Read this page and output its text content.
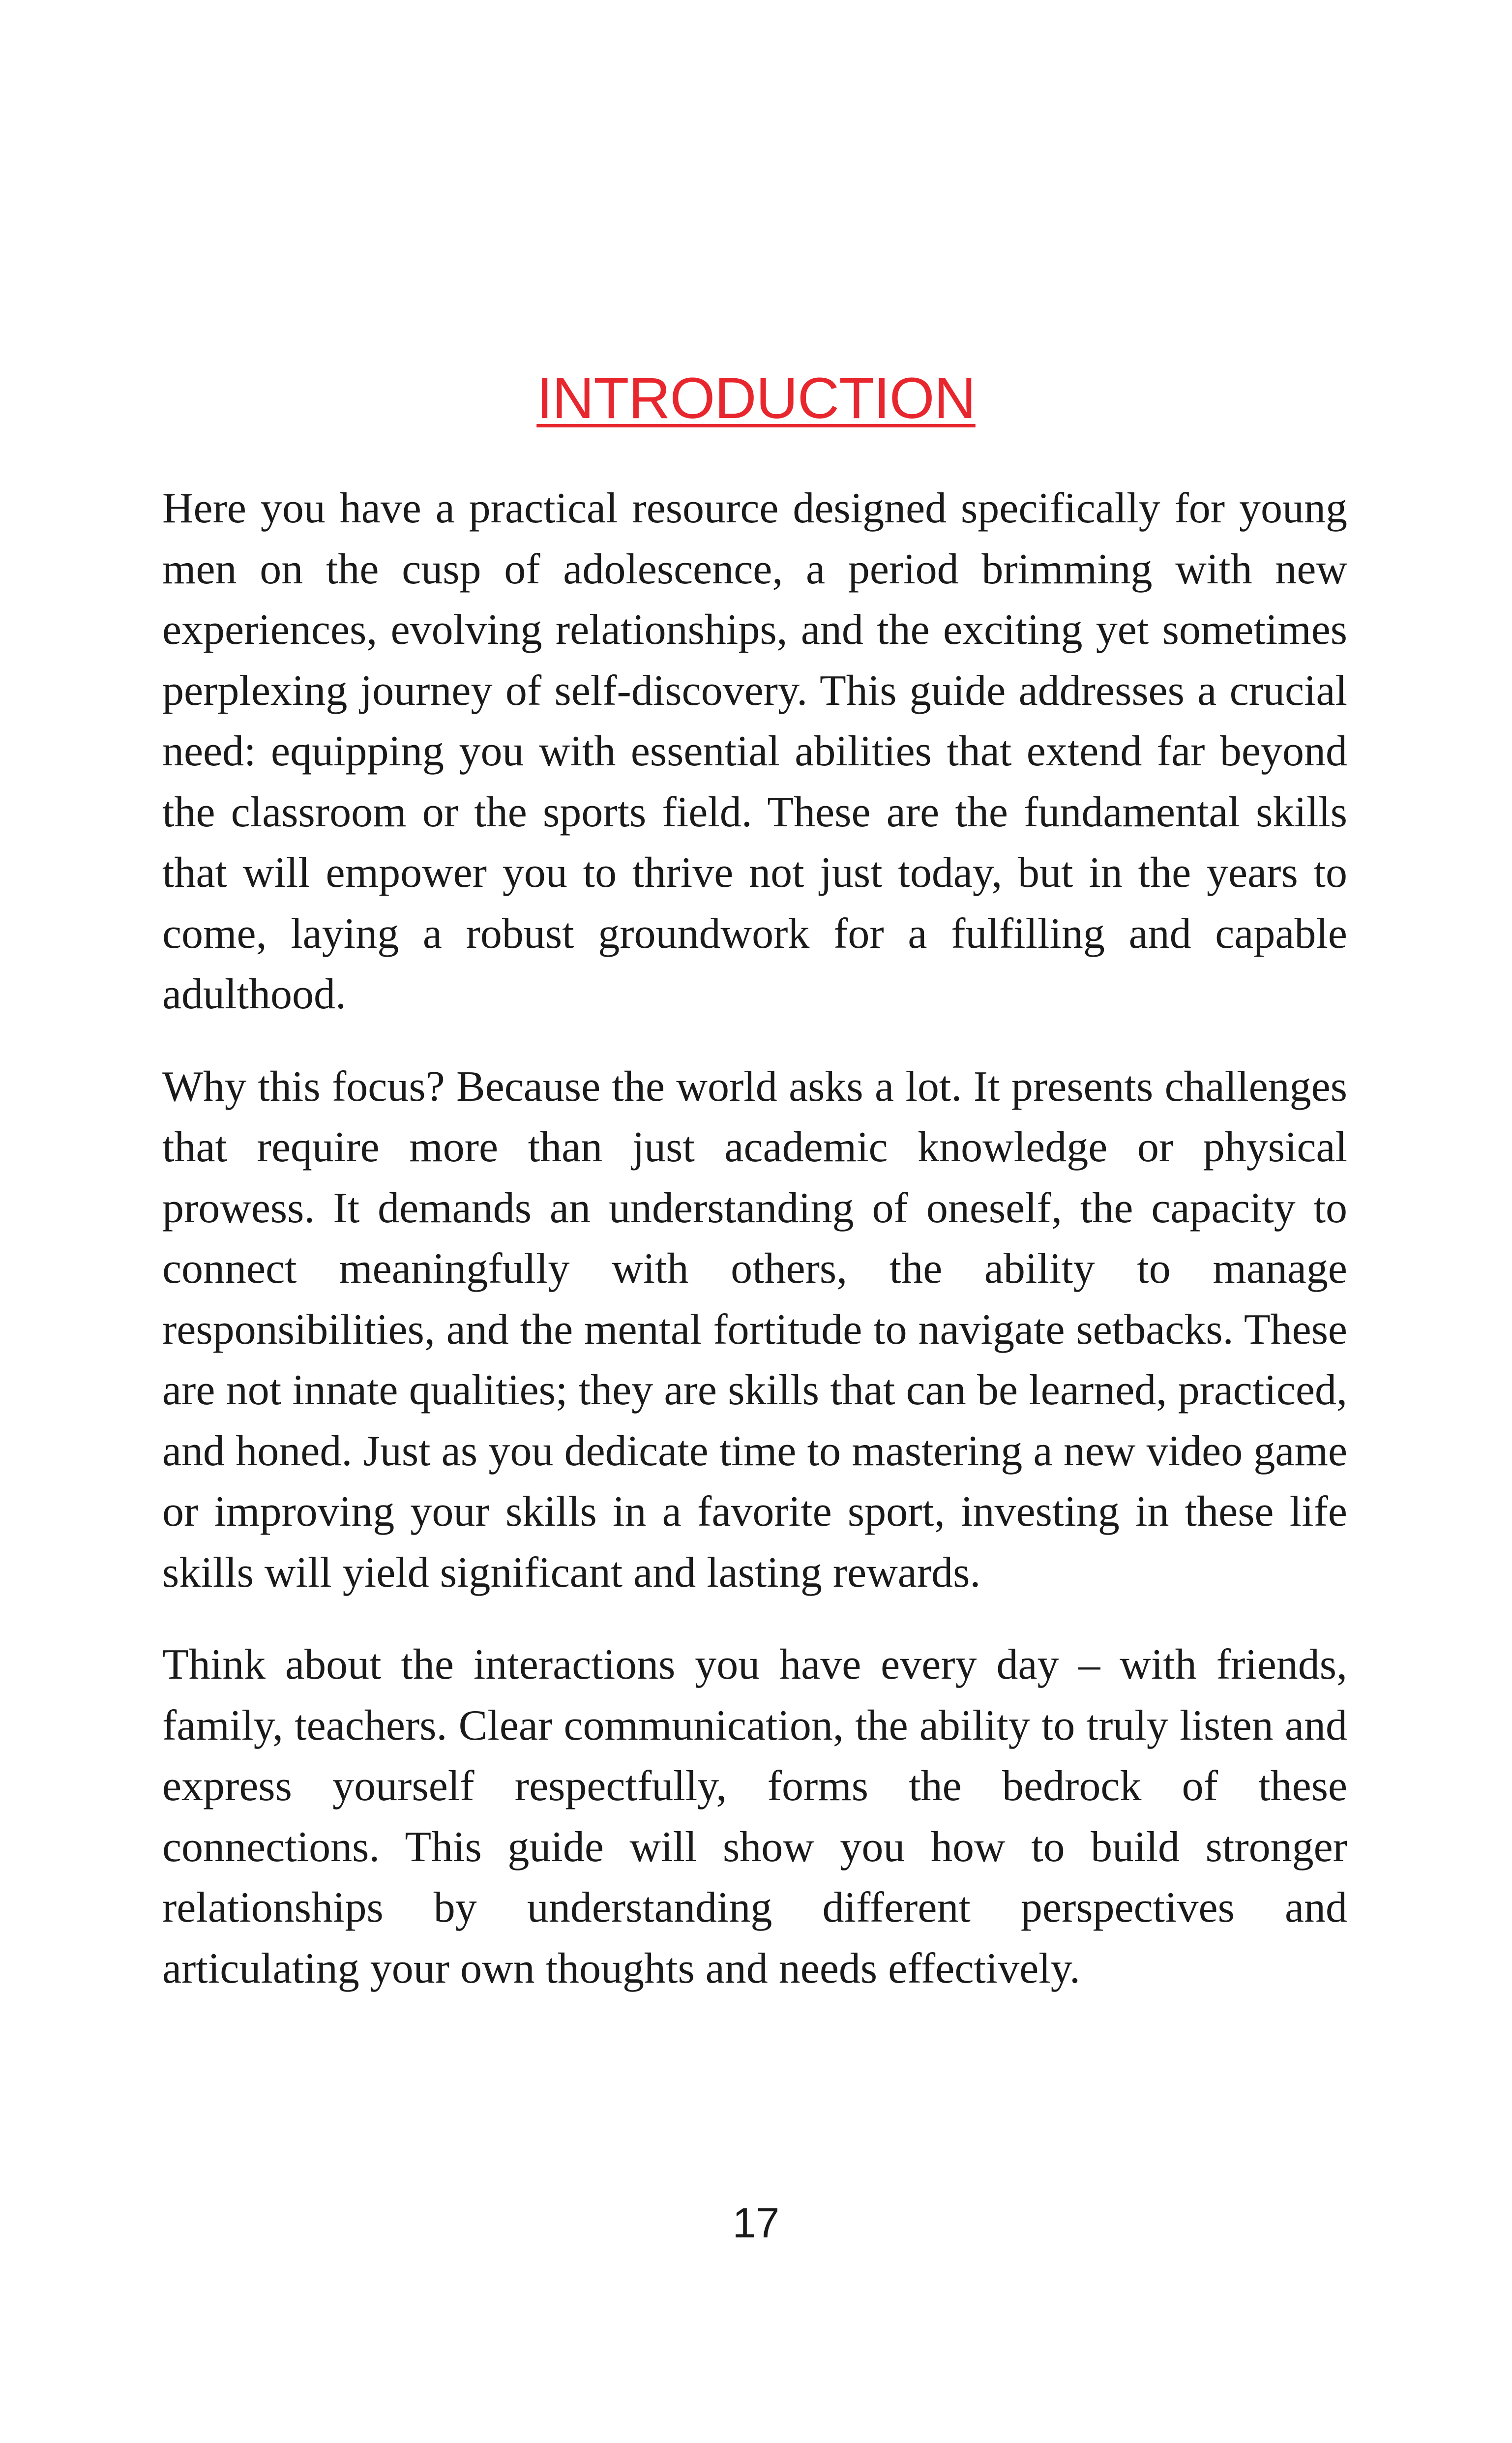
INTRODUCTION

Here you have a practical resource designed specifically for young men on the cusp of adolescence, a period brimming with new experiences, evolving relationships, and the exciting yet sometimes perplexing journey of self-discovery. This guide addresses a crucial need: equipping you with essential abilities that extend far beyond the classroom or the sports field. These are the fundamental skills that will empower you to thrive not just today, but in the years to come, laying a robust groundwork for a fulfilling and capable adulthood.

Why this focus? Because the world asks a lot. It presents challenges that require more than just academic knowledge or physical prowess. It demands an understanding of oneself, the capacity to connect meaningfully with others, the ability to manage responsibilities, and the mental fortitude to navigate setbacks. These are not innate qualities; they are skills that can be learned, practiced, and honed. Just as you dedicate time to mastering a new video game or improving your skills in a favorite sport, investing in these life skills will yield significant and lasting rewards.

Think about the interactions you have every day – with friends, family, teachers. Clear communication, the ability to truly listen and express yourself respectfully, forms the bedrock of these connections. This guide will show you how to build stronger relationships by understanding different perspectives and articulating your own thoughts and needs effectively.

17
